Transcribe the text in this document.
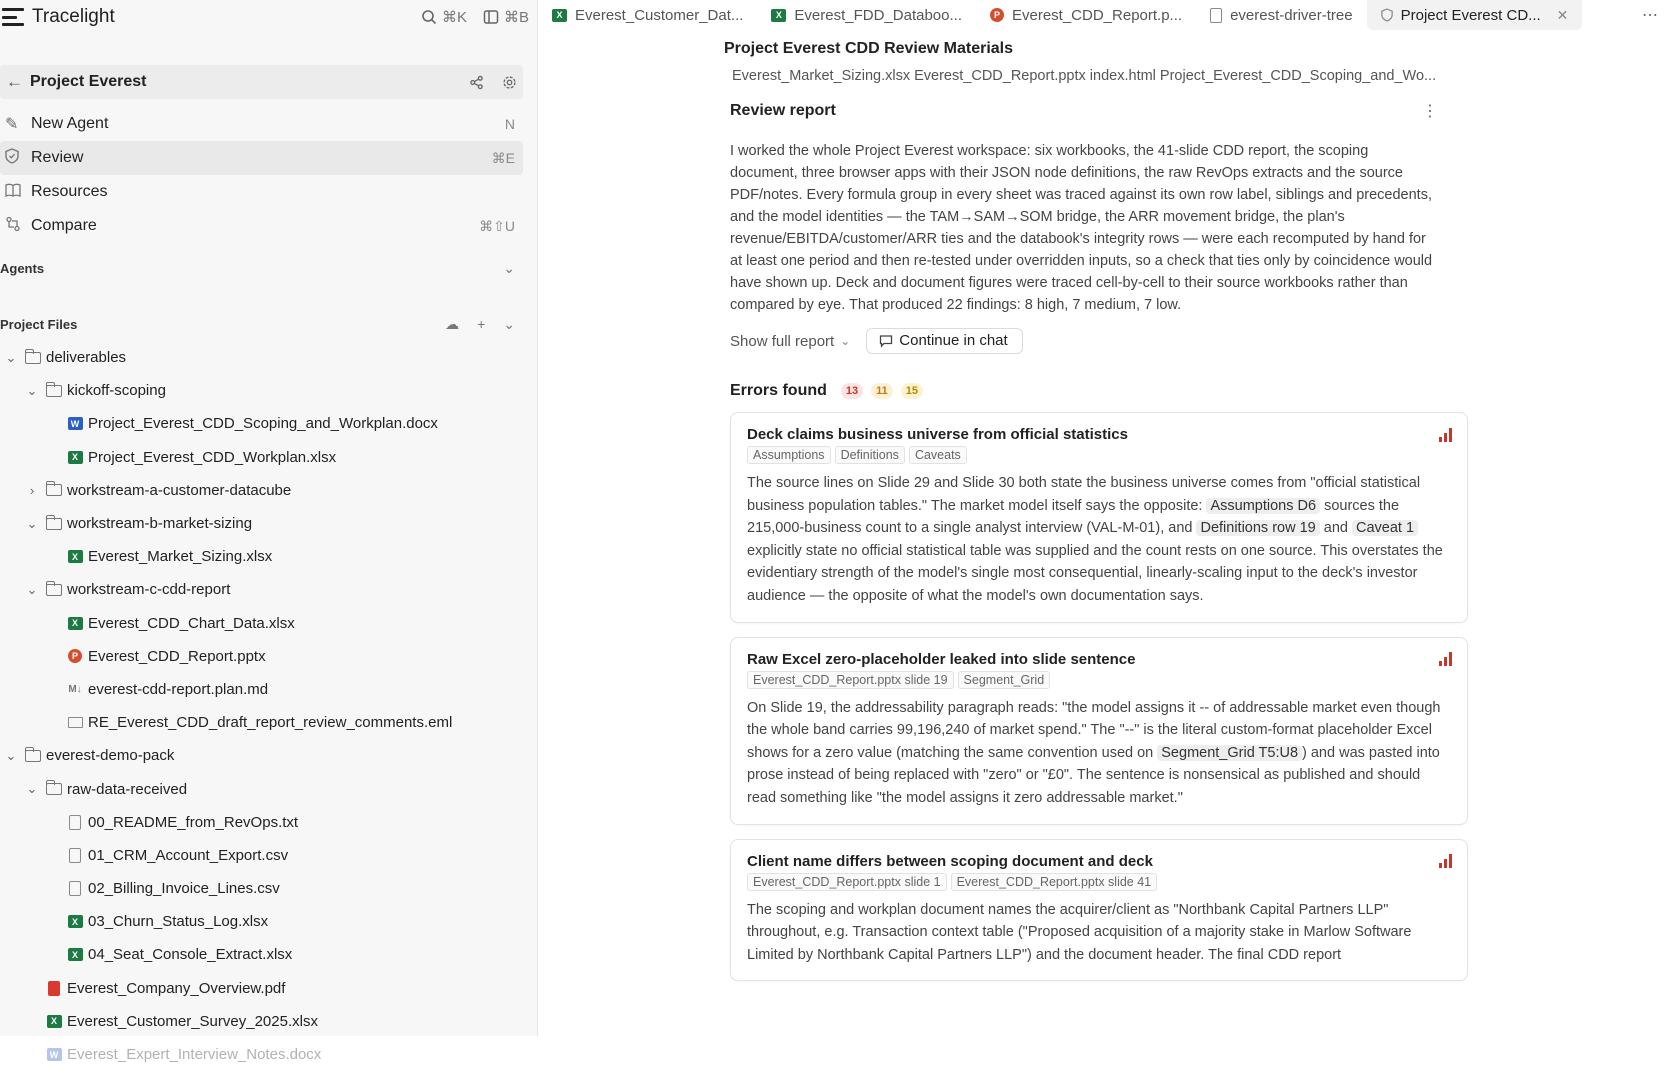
Tracelight	⌘K ⌘B
← Project Everest
✎ New Agent	N
Review	⌘E
Resources
Compare	⌘⇧U
Agents	⌄
Project Files	☁ + ⌄
⌄	deliverables
⌄	kickoff-scoping
W Project_Everest_CDD_Scoping_and_Workplan.docx
X Project_Everest_CDD_Workplan.xlsx
›	workstream-a-customer-datacube
⌄	workstream-b-market-sizing
X Everest_Market_Sizing.xlsx
⌄	workstream-c-cdd-report
X Everest_CDD_Chart_Data.xlsx
P Everest_CDD_Report.pptx
M↓ everest-cdd-report.plan.md
RE_Everest_CDD_draft_report_review_comments.eml
⌄	everest-demo-pack
⌄	raw-data-received
00_README_from_RevOps.txt
01_CRM_Account_Export.csv
02_Billing_Invoice_Lines.csv
X 03_Churn_Status_Log.xlsx
X 04_Seat_Console_Extract.xlsx
Everest_Company_Overview.pdf
X Everest_Customer_Survey_2025.xlsx
W Everest_Expert_Interview_Notes.docx
X Everest_Customer_Dat...	X Everest_FDD_Databoo...	P Everest_CDD_Report.p...	everest-driver-tree	Project Everest CD... ✕	⋯
Project Everest CDD Review Materials
Everest_Market_Sizing.xlsx Everest_CDD_Report.pptx index.html Project_Everest_CDD_Scoping_and_Wo...
Review report	⋮

I worked the whole Project Everest workspace: six workbooks, the 41-slide CDD report, the scoping document, three browser apps with their JSON node definitions, the raw RevOps extracts and the source PDF/notes. Every formula group in every sheet was traced against its own row label, siblings and precedents, and the model identities — the TAM→SAM→SOM bridge, the ARR movement bridge, the plan's revenue/EBITDA/customer/ARR ties and the databook's integrity rows — were each recomputed by hand for at least one period and then re-tested under overridden inputs, so a check that ties only by coincidence would have shown up. Deck and document figures were traced cell-by-cell to their source workbooks rather than compared by eye. That produced 22 findings: 8 high, 7 medium, 7 low.

Show full report ⌄	Continue in chat
Errors found	13	11	15
Deck claims business universe from official statistics
Assumptions	Definitions	Caveats

The source lines on Slide 29 and Slide 30 both state the business universe comes from "official statistical business population tables." The market model itself says the opposite: Assumptions D6 sources the 215,000-business count to a single analyst interview (VAL-M-01), and Definitions row 19 and Caveat 1 explicitly state no official statistical table was supplied and the count rests on one source. This overstates the evidentiary strength of the model's single most consequential, linearly-scaling input to the deck's investor audience — the opposite of what the model's own documentation says.

Raw Excel zero-placeholder leaked into slide sentence
Everest_CDD_Report.pptx slide 19	Segment_Grid

On Slide 19, the addressability paragraph reads: "the model assigns it -- of addressable market even though the whole band carries 99,196,240 of market spend." The "--" is the literal custom-format placeholder Excel shows for a zero value (matching the same convention used on Segment_Grid T5:U8 ) and was pasted into prose instead of being replaced with "zero" or "£0". The sentence is nonsensical as published and should read something like "the model assigns it zero addressable market."

Client name differs between scoping document and deck
Everest_CDD_Report.pptx slide 1	Everest_CDD_Report.pptx slide 41

The scoping and workplan document names the acquirer/client as "Northbank Capital Partners LLP" throughout, e.g. Transaction context table ("Proposed acquisition of a majority stake in Marlow Software Limited by Northbank Capital Partners LLP") and the document header. The final CDD report
